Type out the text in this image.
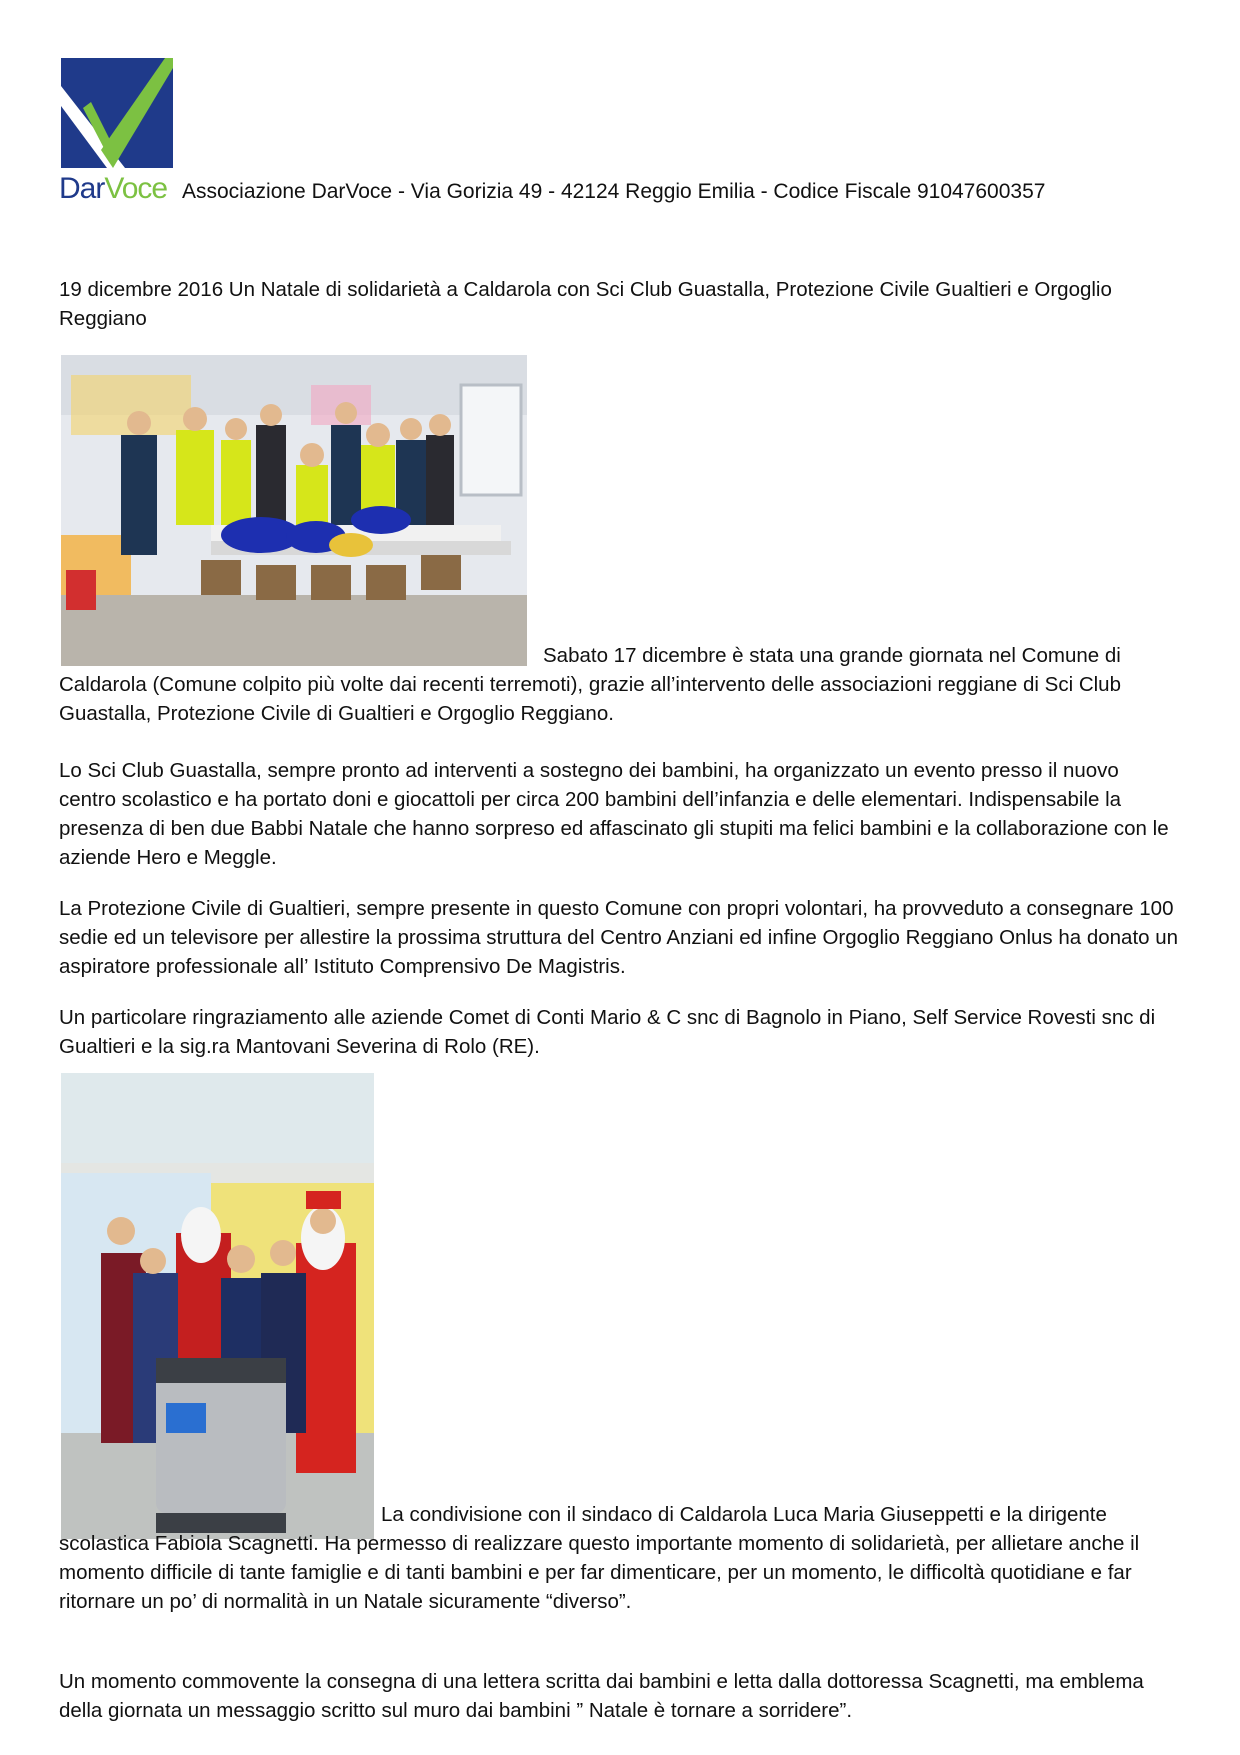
DarVoce Associazione DarVoce - Via Gorizia 49 - 42124 Reggio Emilia - Codice Fiscale 91047600357
19 dicembre 2016 Un Natale di solidarietà a Caldarola con Sci Club Guastalla, Protezione Civile Gualtieri e Orgoglio Reggiano
Sabato 17 dicembre è stata una grande giornata nel Comune di Caldarola (Comune colpito più volte dai recenti terremoti), grazie all’intervento delle associazioni reggiane di Sci Club Guastalla, Protezione Civile di Gualtieri e Orgoglio Reggiano.
Lo Sci Club Guastalla, sempre pronto ad interventi a sostegno dei bambini, ha organizzato un evento presso il nuovo centro scolastico e ha portato doni e giocattoli per circa 200 bambini dell’infanzia e delle elementari. Indispensabile la presenza di ben due Babbi Natale che hanno sorpreso ed affascinato gli stupiti ma felici bambini e la collaborazione con le aziende Hero e Meggle.
La Protezione Civile di Gualtieri, sempre presente in questo Comune con propri volontari, ha provveduto a consegnare 100 sedie ed un televisore per allestire la prossima struttura del Centro Anziani ed infine Orgoglio Reggiano Onlus ha donato un aspiratore professionale all’ Istituto Comprensivo De Magistris.
Un particolare ringraziamento alle aziende Comet di Conti Mario & C snc di Bagnolo in Piano, Self Service Rovesti snc di Gualtieri e la sig.ra Mantovani Severina di Rolo (RE).
La condivisione con il sindaco di Caldarola Luca Maria Giuseppetti e la dirigente scolastica Fabiola Scagnetti. Ha permesso di realizzare questo importante momento di solidarietà, per allietare anche il momento difficile di tante famiglie e di tanti bambini e per far dimenticare, per un momento, le difficoltà quotidiane e far ritornare un po’ di normalità in un Natale sicuramente “diverso”.
Un momento commovente la consegna di una lettera scritta dai bambini e letta dalla dottoressa Scagnetti, ma emblema della giornata un messaggio scritto sul muro dai bambini ” Natale è tornare a sorridere”.
